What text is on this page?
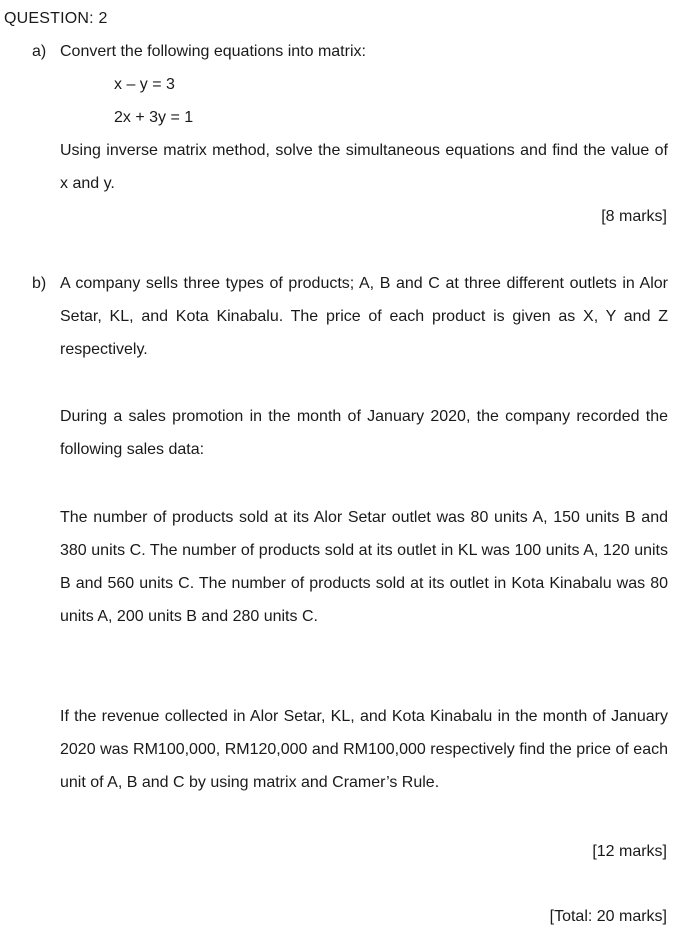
QUESTION: 2
a) Convert the following equations into matrix:
x – y = 3
2x + 3y = 1
Using inverse matrix method, solve the simultaneous equations and find the value of x and y.
[8 marks]
b) A company sells three types of products; A, B and C at three different outlets in Alor Setar, KL, and Kota Kinabalu. The price of each product is given as X, Y and Z respectively.
During a sales promotion in the month of January 2020, the company recorded the following sales data:
The number of products sold at its Alor Setar outlet was 80 units A, 150 units B and 380 units C. The number of products sold at its outlet in KL was 100 units A, 120 units B and 560 units C. The number of products sold at its outlet in Kota Kinabalu was 80 units A, 200 units B and 280 units C.
If the revenue collected in Alor Setar, KL, and Kota Kinabalu in the month of January 2020 was RM100,000, RM120,000 and RM100,000 respectively find the price of each unit of A, B and C by using matrix and Cramer’s Rule.
[12 marks]
[Total: 20 marks]
